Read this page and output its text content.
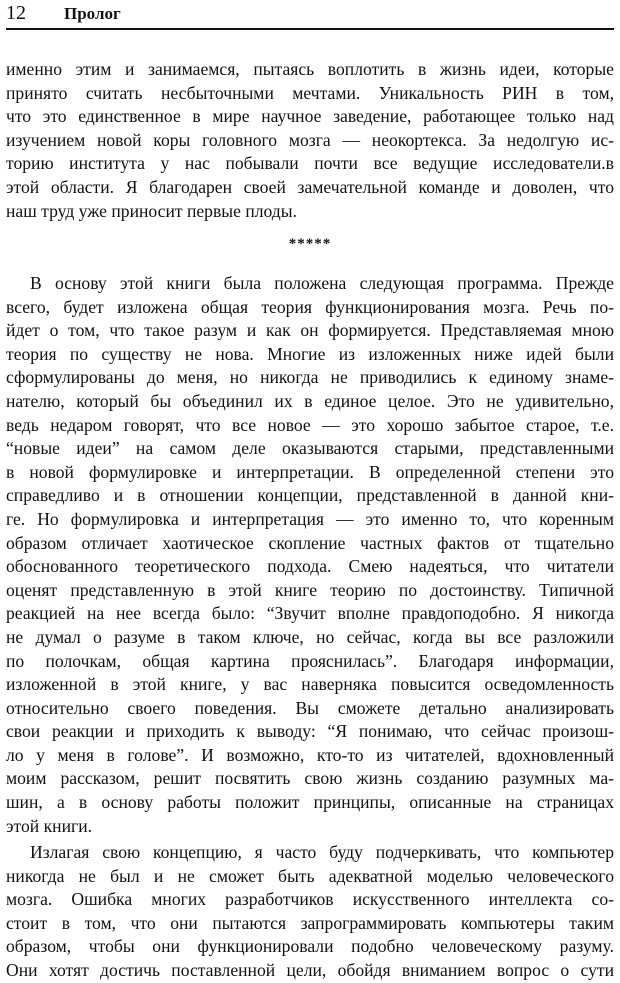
12 Пролог
именно этим и занимаемся, пытаясь воплотить в жизнь идеи, которые
принято считать несбыточными мечтами. Уникальность РИН в том,
что это единственное в мире научное заведение, работающее только над
изучением новой коры головного мозга — неокортекса. За недолгую ис-
торию института у нас побывали почти все ведущие исследователи.в
этой области. Я благодарен своей замечательной команде и доволен, что
наш труд уже приносит первые плоды.
*****
В основу этой книги была положена следующая программа. Прежде
всего, будет изложена общая теория функционирования мозга. Речь по-
йдет о том, что такое разум и как он формируется. Представляемая мною
теория по существу не нова. Многие из изложенных ниже идей были
сформулированы до меня, но никогда не приводились к единому знаме-
нателю, который бы объединил их в единое целое. Это не удивительно,
ведь недаром говорят, что все новое — это хорошо забытое старое, т.е.
“новые идеи” на самом деле оказываются старыми, представленными
в новой формулировке и интерпретации. В определенной степени это
справедливо и в отношении концепции, представленной в данной кни-
ге. Но формулировка и интерпретация — это именно то, что коренным
образом отличает хаотическое скопление частных фактов от тщательно
обоснованного теоретического подхода. Смею надеяться, что читатели
оценят представленную в этой книге теорию по достоинству. Типичной
реакцией на нее всегда было: “Звучит вполне правдоподобно. Я никогда
не думал о разуме в таком ключе, но сейчас, когда вы все разложили
по полочкам, общая картина прояснилась”. Благодаря информации,
изложенной в этой книге, у вас наверняка повысится осведомленность
относительно своего поведения. Вы сможете детально анализировать
свои реакции и приходить к выводу: “Я понимаю, что сейчас произош-
ло у меня в голове”. И возможно, кто-то из читателей, вдохновленный
моим рассказом, решит посвятить свою жизнь созданию разумных ма-
шин, а в основу работы положит принципы, описанные на страницах
этой книги.
Излагая свою концепцию, я часто буду подчеркивать, что компьютер
никогда не был и не сможет быть адекватной моделью человеческого
мозга. Ошибка многих разработчиков искусственного интеллекта со-
стоит в том, что они пытаются запрограммировать компьютеры таким
образом, чтобы они функционировали подобно человеческому разуму.
Они хотят достичь поставленной цели, обойдя вниманием вопрос о сути
